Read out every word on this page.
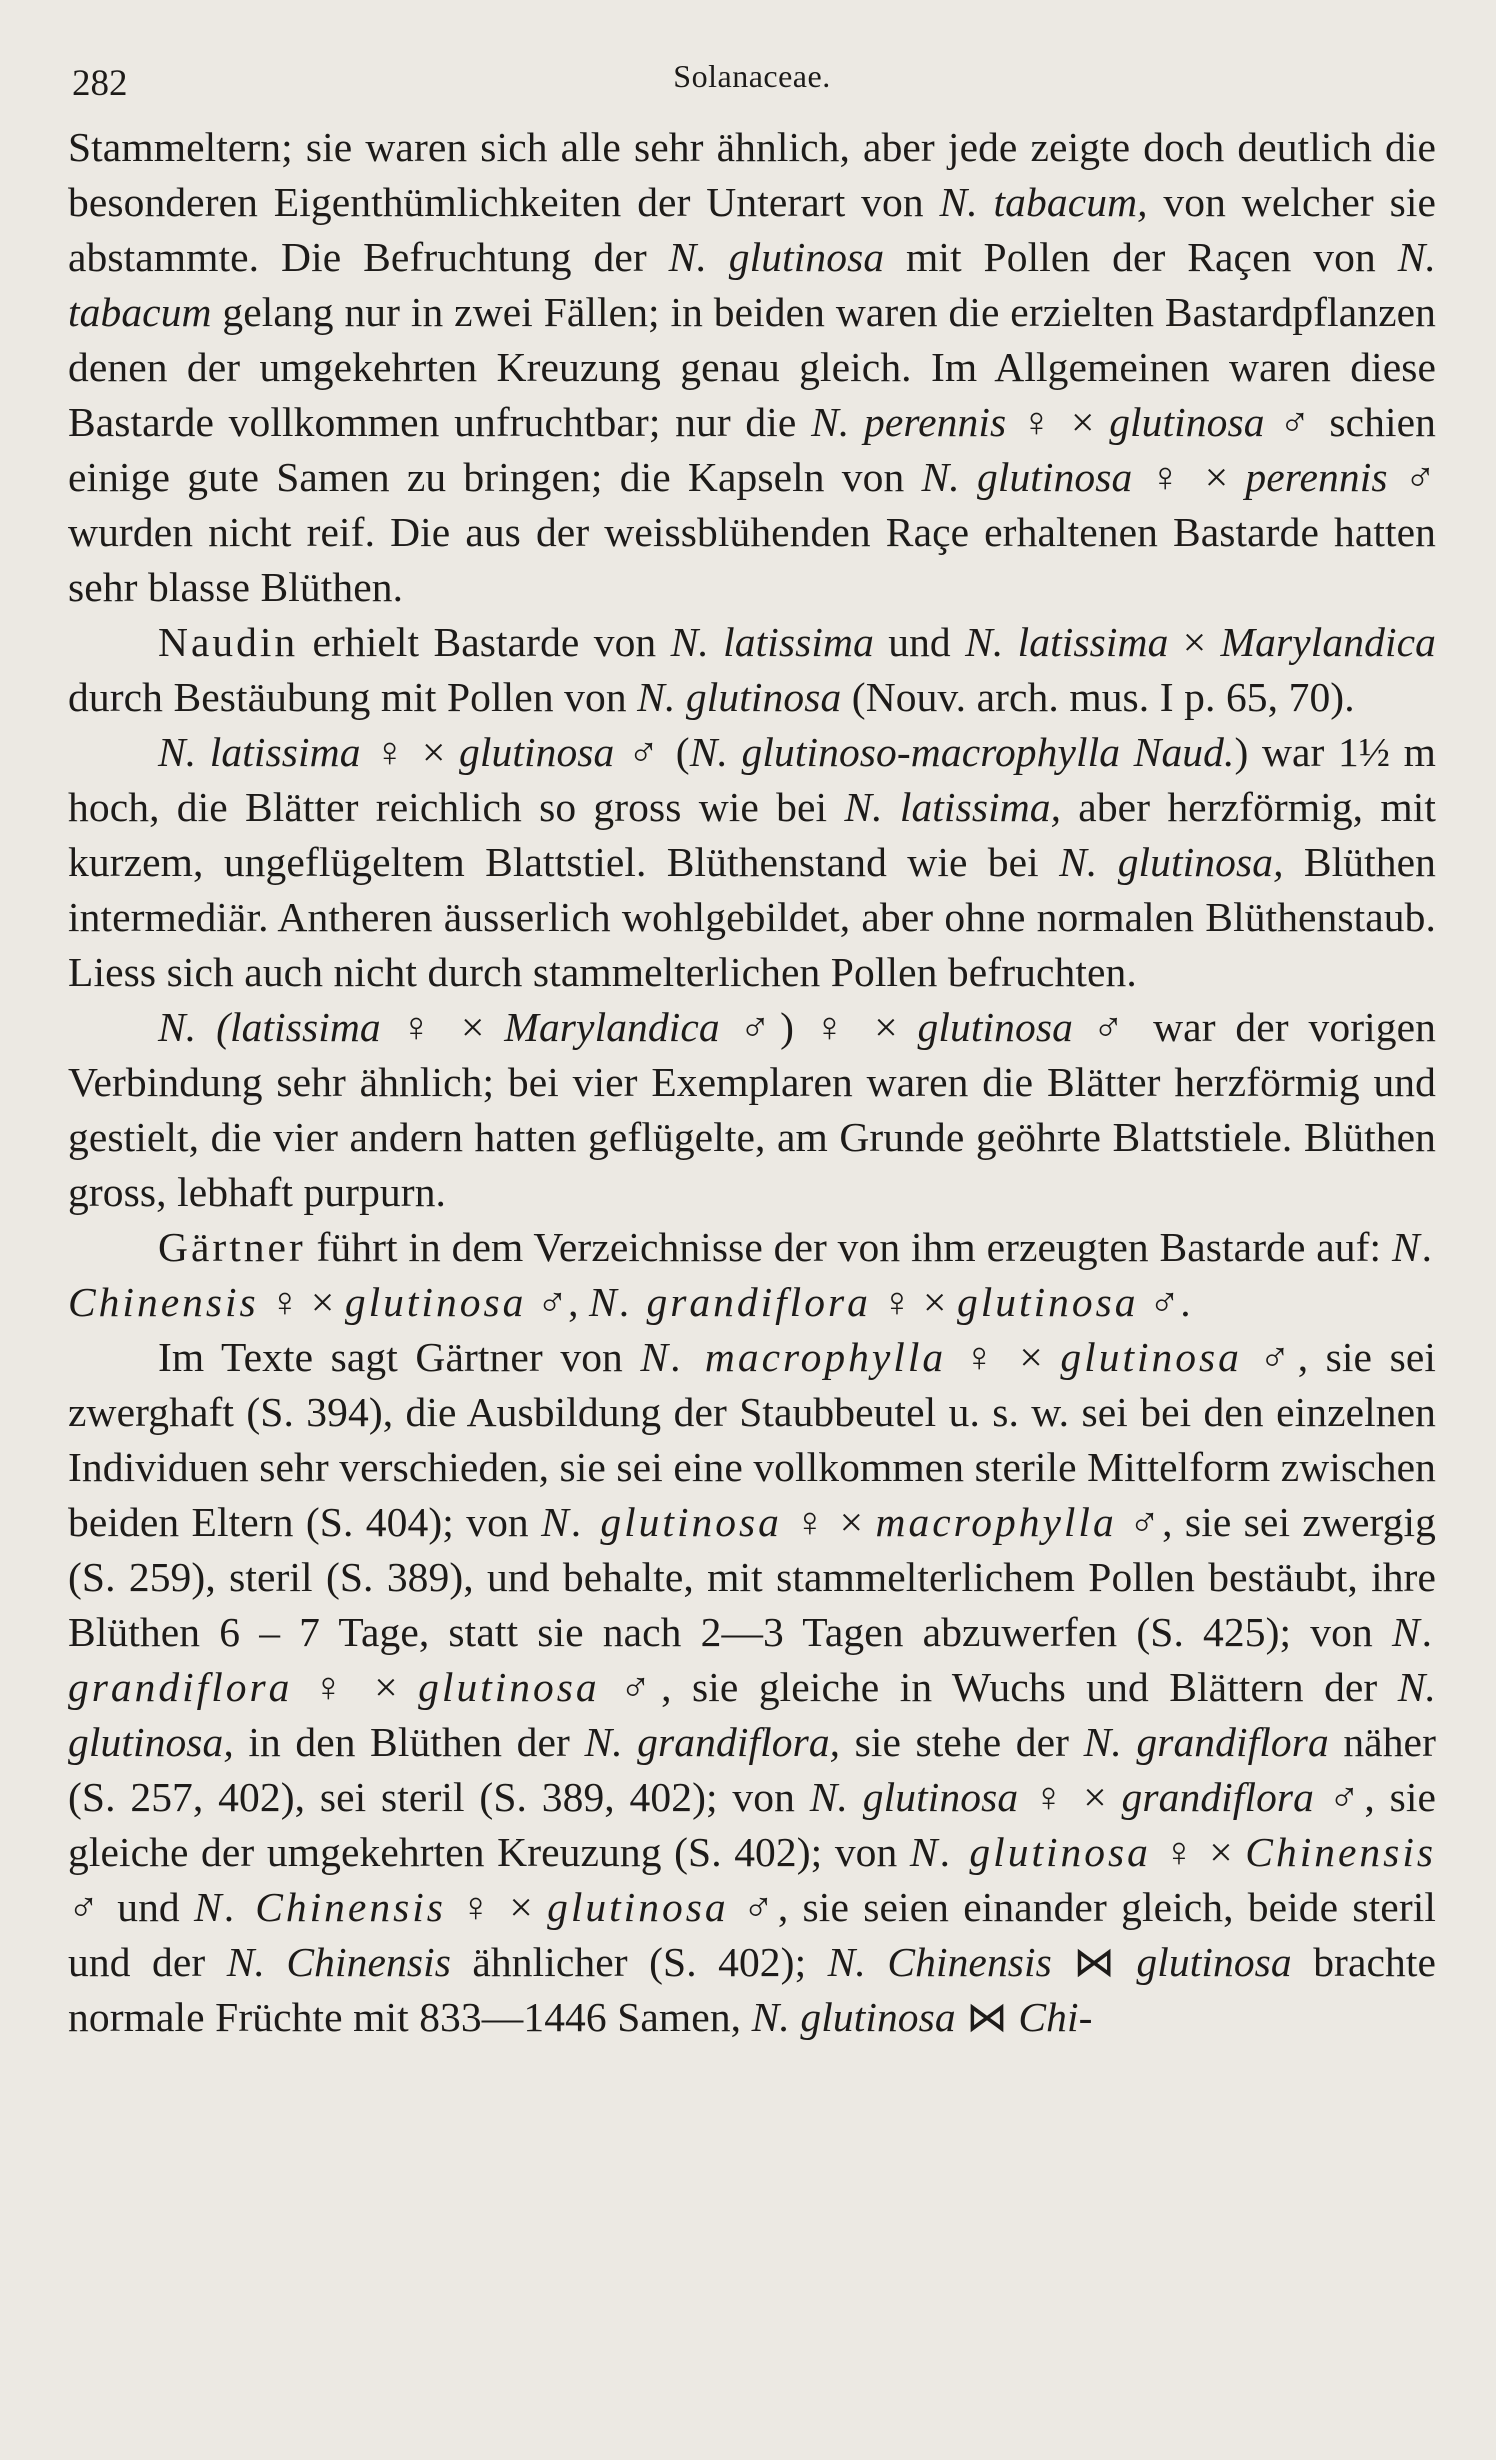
282	Solanaceae.

Stammeltern; sie waren sich alle sehr ähnlich, aber jede zeigte doch deutlich die besonderen Eigenthümlichkeiten der Unterart von N. tabacum, von welcher sie abstammte. Die Befruchtung der N. glutinosa mit Pollen der Raçen von N. tabacum gelang nur in zwei Fällen; in beiden waren die erzielten Bastardpflanzen denen der umgekehrten Kreuzung genau gleich. Im Allgemeinen waren diese Bastarde vollkommen unfruchtbar; nur die N. perennis ♀ × glutinosa ♂ schien einige gute Samen zu bringen; die Kapseln von N. glutinosa ♀ × perennis ♂ wurden nicht reif. Die aus der weissblühenden Raçe erhaltenen Bastarde hatten sehr blasse Blüthen.

Naudin erhielt Bastarde von N. latissima und N. latissima × Marylandica durch Bestäubung mit Pollen von N. glutinosa (Nouv. arch. mus. I p. 65, 70).

N. latissima ♀ × glutinosa ♂ (N. glutinoso-macrophylla Naud.) war 1½ m hoch, die Blätter reichlich so gross wie bei N. latissima, aber herzförmig, mit kurzem, ungeflügeltem Blattstiel. Blüthenstand wie bei N. glutinosa, Blüthen intermediär. Antheren äusserlich wohlgebildet, aber ohne normalen Blüthenstaub. Liess sich auch nicht durch stammelterlichen Pollen befruchten.

N. (latissima ♀ × Marylandica ♂) ♀ × glutinosa ♂ war der vorigen Verbindung sehr ähnlich; bei vier Exemplaren waren die Blätter herzförmig und gestielt, die vier andern hatten geflügelte, am Grunde geöhrte Blattstiele. Blüthen gross, lebhaft purpurn.

Gärtner führt in dem Verzeichnisse der von ihm erzeugten Bastarde auf: N. Chinensis ♀ × glutinosa ♂, N. grandiflora ♀ × glutinosa ♂.

Im Texte sagt Gärtner von N. macrophylla ♀ × glutinosa ♂, sie sei zwerghaft (S. 394), die Ausbildung der Staubbeutel u. s. w. sei bei den einzelnen Individuen sehr verschieden, sie sei eine vollkommen sterile Mittelform zwischen beiden Eltern (S. 404); von N. glutinosa ♀ × macrophylla ♂, sie sei zwergig (S. 259), steril (S. 389), und behalte, mit stammelterlichem Pollen bestäubt, ihre Blüthen 6 – 7 Tage, statt sie nach 2—3 Tagen abzuwerfen (S. 425); von N. grandiflora ♀ × glutinosa ♂, sie gleiche in Wuchs und Blättern der N. glutinosa, in den Blüthen der N. grandiflora, sie stehe der N. grandiflora näher (S. 257, 402), sei steril (S. 389, 402); von N. glutinosa ♀ × grandiflora ♂, sie gleiche der umgekehrten Kreuzung (S. 402); von N. glutinosa ♀ × Chinensis ♂ und N. Chinensis ♀ × glutinosa ♂, sie seien einander gleich, beide steril und der N. Chinensis ähnlicher (S. 402); N. Chinensis ⋈ glutinosa brachte normale Früchte mit 833—1446 Samen, N. glutinosa ⋈ Chi-
